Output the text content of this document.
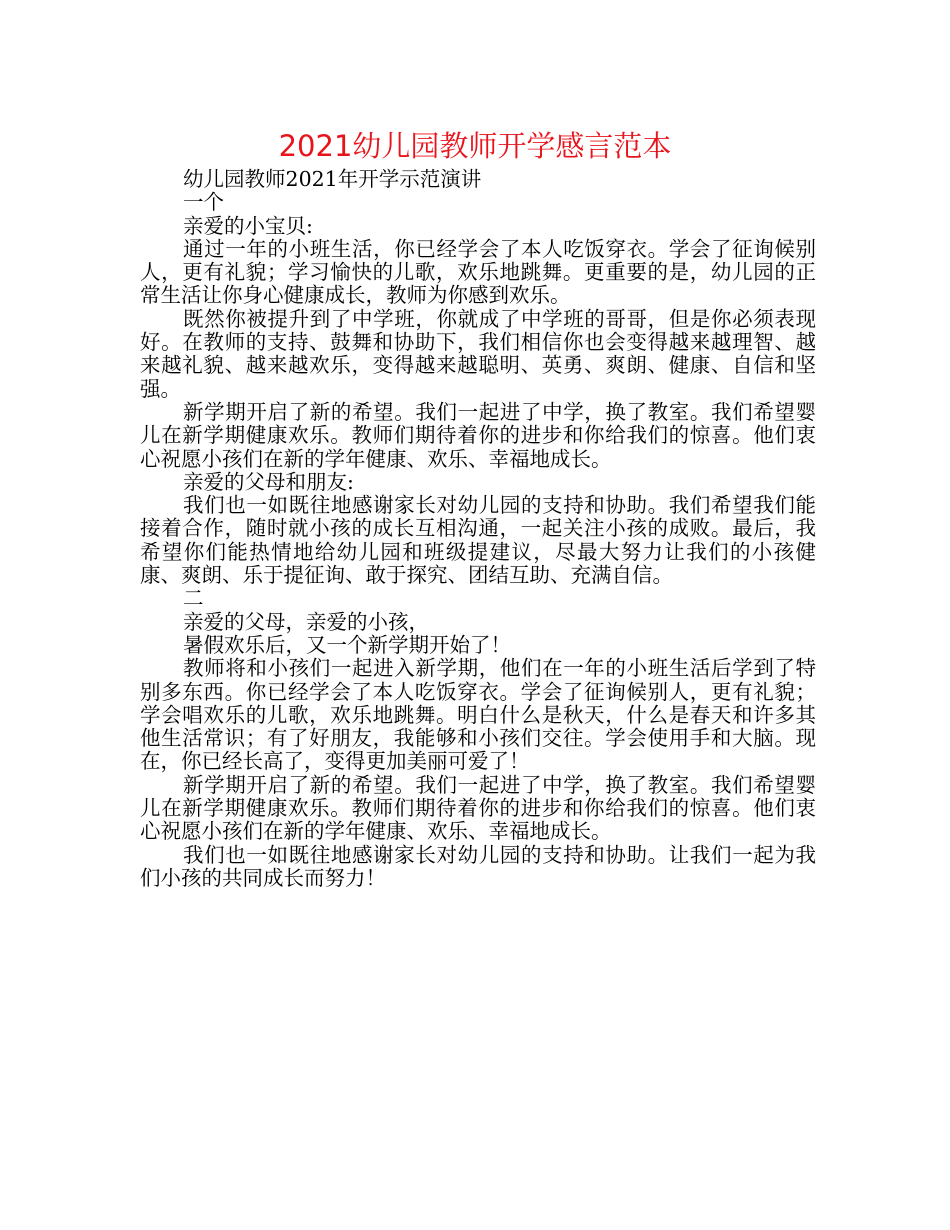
2021幼儿园教师开学感言范本

幼儿园教师2021年开学示范演讲

一个

亲爱的小宝贝:

通过一年的小班生活，你已经学会了本人吃饭穿衣。学会了征询候别人，更有礼貌；学习愉快的儿歌，欢乐地跳舞。更重要的是，幼儿园的正常生活让你身心健康成长，教师为你感到欢乐。

既然你被提升到了中学班，你就成了中学班的哥哥，但是你必须表现好。在教师的支持、鼓舞和协助下，我们相信你也会变得越来越理智、越来越礼貌、越来越欢乐，变得越来越聪明、英勇、爽朗、健康、自信和坚强。

新学期开启了新的希望。我们一起进了中学，换了教室。我们希望婴儿在新学期健康欢乐。教师们期待着你的进步和你给我们的惊喜。他们衷心祝愿小孩们在新的学年健康、欢乐、幸福地成长。

亲爱的父母和朋友:

我们也一如既往地感谢家长对幼儿园的支持和协助。我们希望我们能接着合作，随时就小孩的成长互相沟通，一起关注小孩的成败。最后，我希望你们能热情地给幼儿园和班级提建议，尽最大努力让我们的小孩健康、爽朗、乐于提征询、敢于探究、团结互助、充满自信。

二

亲爱的父母，亲爱的小孩，

暑假欢乐后，又一个新学期开始了！

教师将和小孩们一起进入新学期，他们在一年的小班生活后学到了特别多东西。你已经学会了本人吃饭穿衣。学会了征询候别人，更有礼貌；学会唱欢乐的儿歌，欢乐地跳舞。明白什么是秋天，什么是春天和许多其他生活常识；有了好朋友，我能够和小孩们交往。学会使用手和大脑。现在，你已经长高了，变得更加美丽可爱了！

新学期开启了新的希望。我们一起进了中学，换了教室。我们希望婴儿在新学期健康欢乐。教师们期待着你的进步和你给我们的惊喜。他们衷心祝愿小孩们在新的学年健康、欢乐、幸福地成长。

我们也一如既往地感谢家长对幼儿园的支持和协助。让我们一起为我们小孩的共同成长而努力！
